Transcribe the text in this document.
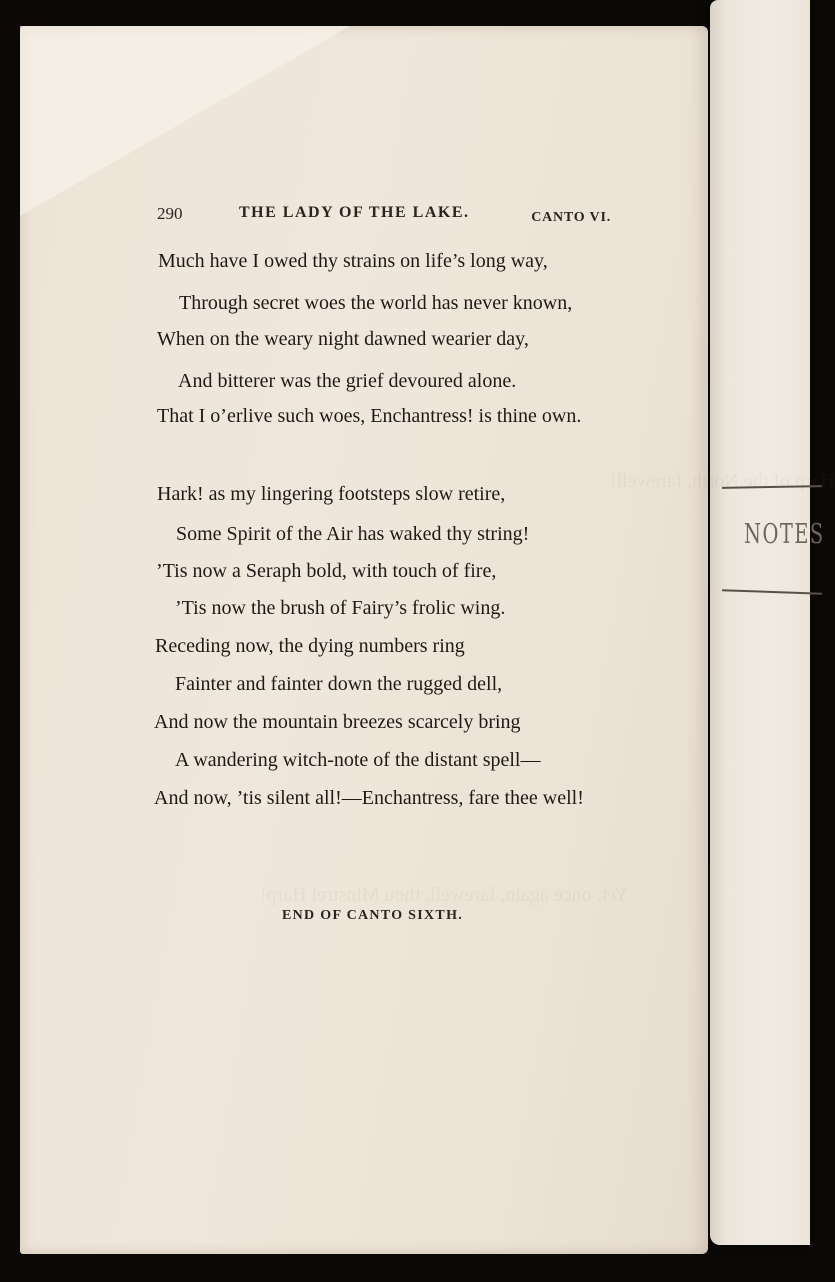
NOTES
Harp of the North, farewell!
Yet, once again, farewell, thou Minstrel Harp!
290	THE LADY OF THE LAKE.	CANTO VI.
Much have I owed thy strains on life’s long way,
Through secret woes the world has never known,
When on the weary night dawned wearier day,
And bitterer was the grief devoured alone.
That I o’erlive such woes, Enchantress! is thine own.
Hark! as my lingering footsteps slow retire,
Some Spirit of the Air has waked thy string!
’Tis now a Seraph bold, with touch of fire,
’Tis now the brush of Fairy’s frolic wing.
Receding now, the dying numbers ring
Fainter and fainter down the rugged dell,
And now the mountain breezes scarcely bring
A wandering witch-note of the distant spell—
And now, ’tis silent all!—Enchantress, fare thee well!
END OF CANTO SIXTH.
